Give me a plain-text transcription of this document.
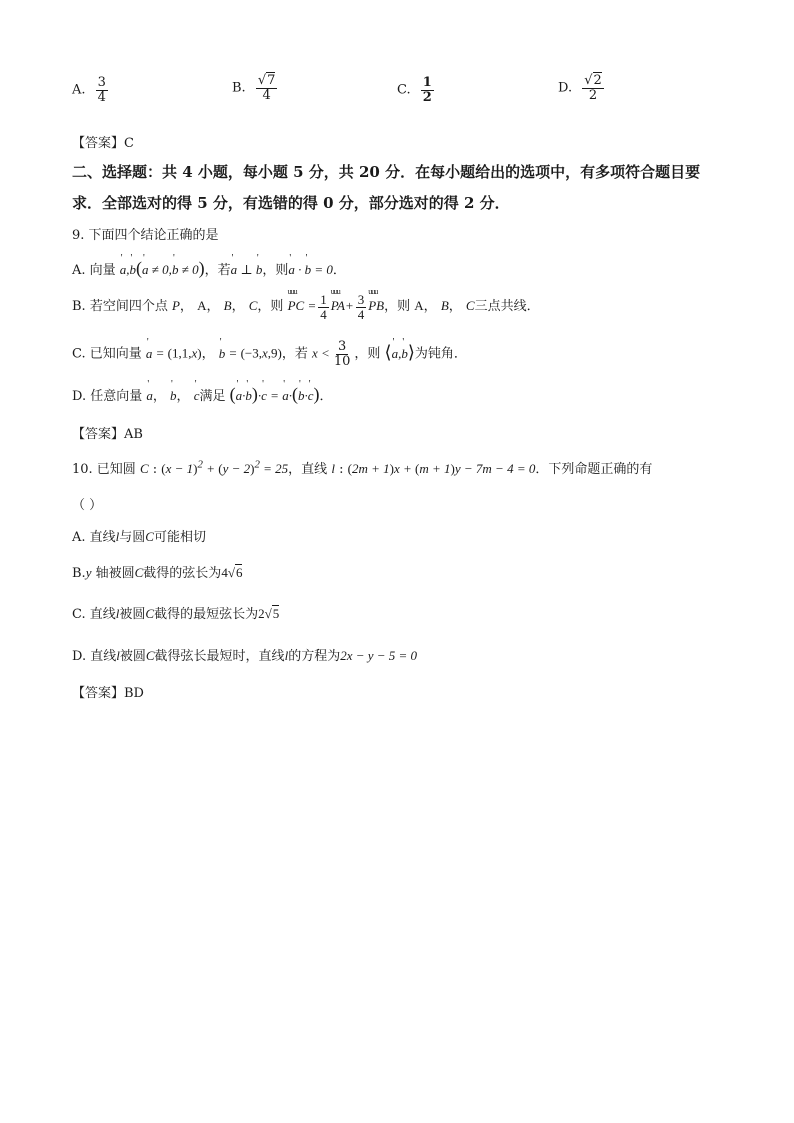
A. $\frac{3}{4}$	B. $\frac{√7}{4}$	C. $\frac{1}{2}$	D. $\frac{√2}{2}$
【答案】C
二、选择题：共 4 小题，每小题 5 分，共 20 分．在每小题给出的选项中，有多项符合题目要
求．全部选对的得 5 分，有选错的得 0 分，部分选对的得 2 分．
9. 下面四个结论正确的是
A. 向量 ' a,' b(' a ≠ 0,' b ≠ 0)，若' a ⊥ ' b，则' a · ' b = 0．
B. 若空间四个点 P， A， B， C，则
uuu
PC = $\frac{1}{4}$
uuu
$PA+ \frac{3}{4}$
uuu
PB，则 A， B， C三点共线．
C. 已知向量 ' a = (1,1,x)， ' b = (−3,x,9)，若 $x < \frac{3}{10}$ ，则 ⟨' a,' b⟩为钝角．
D. 任意向量 ' a， ' b， ' c满足 (' a·' b)·' c = ' a·(' b·' c)．
【答案】AB
10. 已知圆 C : $(x - 1)^2 + (y - 2)^2 = 25$，直线 l : (2m + 1)x + (m + 1)y − 7m − 4 = 0．下列命题正确的有
（ ）
A. 直线l与圆C可能相切
B.y 轴被圆C截得的弦长为4√6
C. 直线l被圆C截得的最短弦长为2√5
D. 直线l被圆C截得弦长最短时，直线l的方程为2x − y − 5 = 0
【答案】BD
